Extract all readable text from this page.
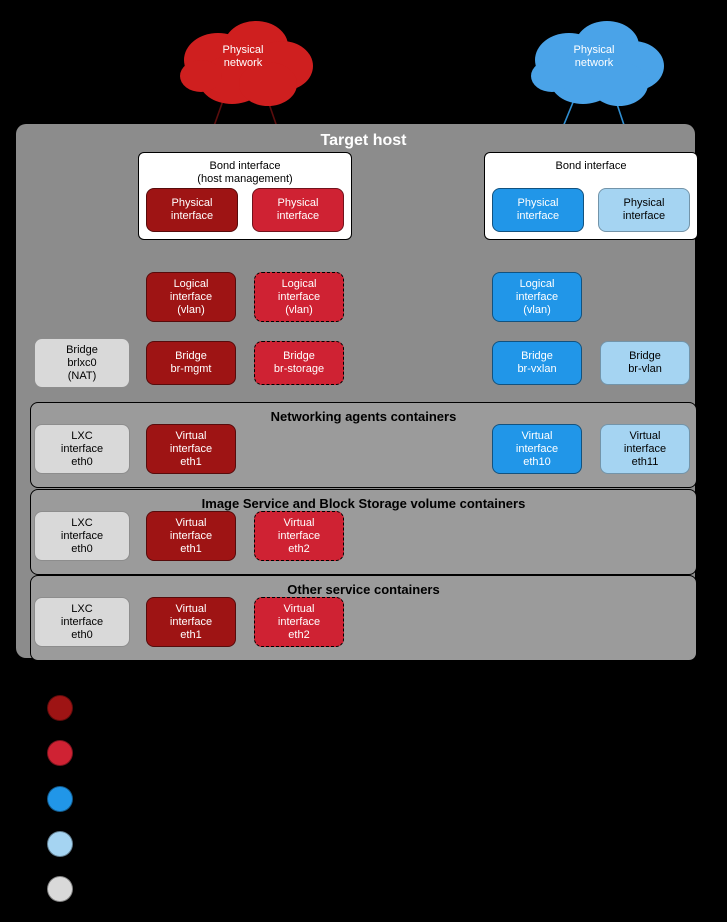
Physical
network
Physical
network
Target host
Bond interface
(host management)
Bond interface
Networking agents containers
Image Service and Block Storage volume containers
Other service containers
Physical
interface
Physical
interface
Physical
interface
Physical
interface
Logical
interface
(vlan)
Logical
interface
(vlan)
Logical
interface
(vlan)
Bridge
brlxc0
(NAT)
Bridge
br-mgmt
Bridge
br-storage
Bridge
br-vxlan
Bridge
br-vlan
LXC
interface
eth0
Virtual
interface
eth1
Virtual
interface
eth10
Virtual
interface
eth11
LXC
interface
eth0
Virtual
interface
eth1
Virtual
interface
eth2
LXC
interface
eth0
Virtual
interface
eth1
Virtual
interface
eth2
